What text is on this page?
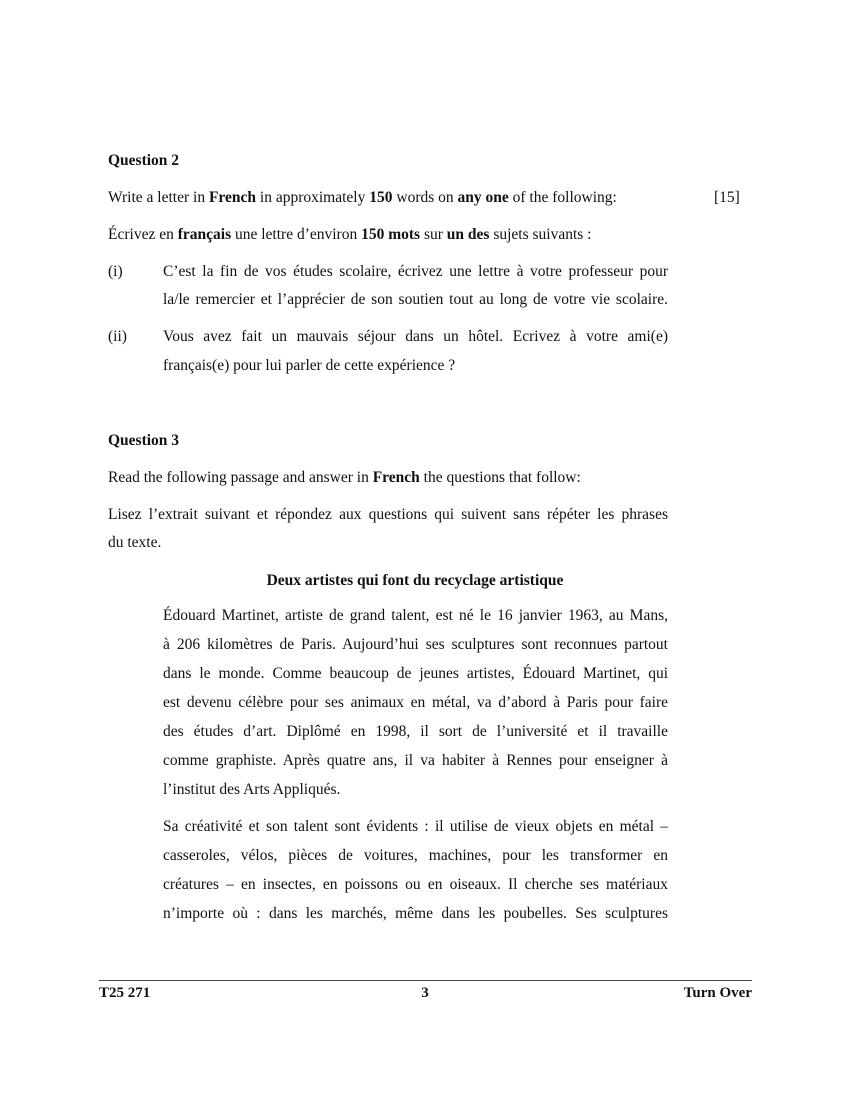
Question 2
Write a letter in French in approximately 150 words on any one of the following:	[15]
Écrivez en français une lettre d’environ 150 mots sur un des sujets suivants :
(i)	C’est la fin de vos études scolaire, écrivez une lettre à votre professeur pour
la/le remercier et l’apprécier de son soutien tout au long de votre vie scolaire.
(ii) Vous avez fait un mauvais séjour dans un hôtel. Ecrivez à votre ami(e)
français(e) pour lui parler de cette expérience ?
Question 3
Read the following passage and answer in French the questions that follow:
Lisez l’extrait suivant et répondez aux questions qui suivent sans répéter les phrases
du texte.
Deux artistes qui font du recyclage artistique
Édouard Martinet, artiste de grand talent, est né le 16 janvier 1963, au Mans,
à 206 kilomètres de Paris. Aujourd’hui ses sculptures sont reconnues partout
dans le monde. Comme beaucoup de jeunes artistes, Édouard Martinet, qui
est devenu célèbre pour ses animaux en métal, va d’abord à Paris pour faire
des études d’art. Diplômé en 1998, il sort de l’université et il travaille
comme graphiste. Après quatre ans, il va habiter à Rennes pour enseigner à
l’institut des Arts Appliqués.
Sa créativité et son talent sont évidents : il utilise de vieux objets en métal –
casseroles, vélos, pièces de voitures, machines, pour les transformer en
créatures – en insectes, en poissons ou en oiseaux. Il cherche ses matériaux
n’importe où : dans les marchés, même dans les poubelles. Ses sculptures
T25 271	3	Turn Over
